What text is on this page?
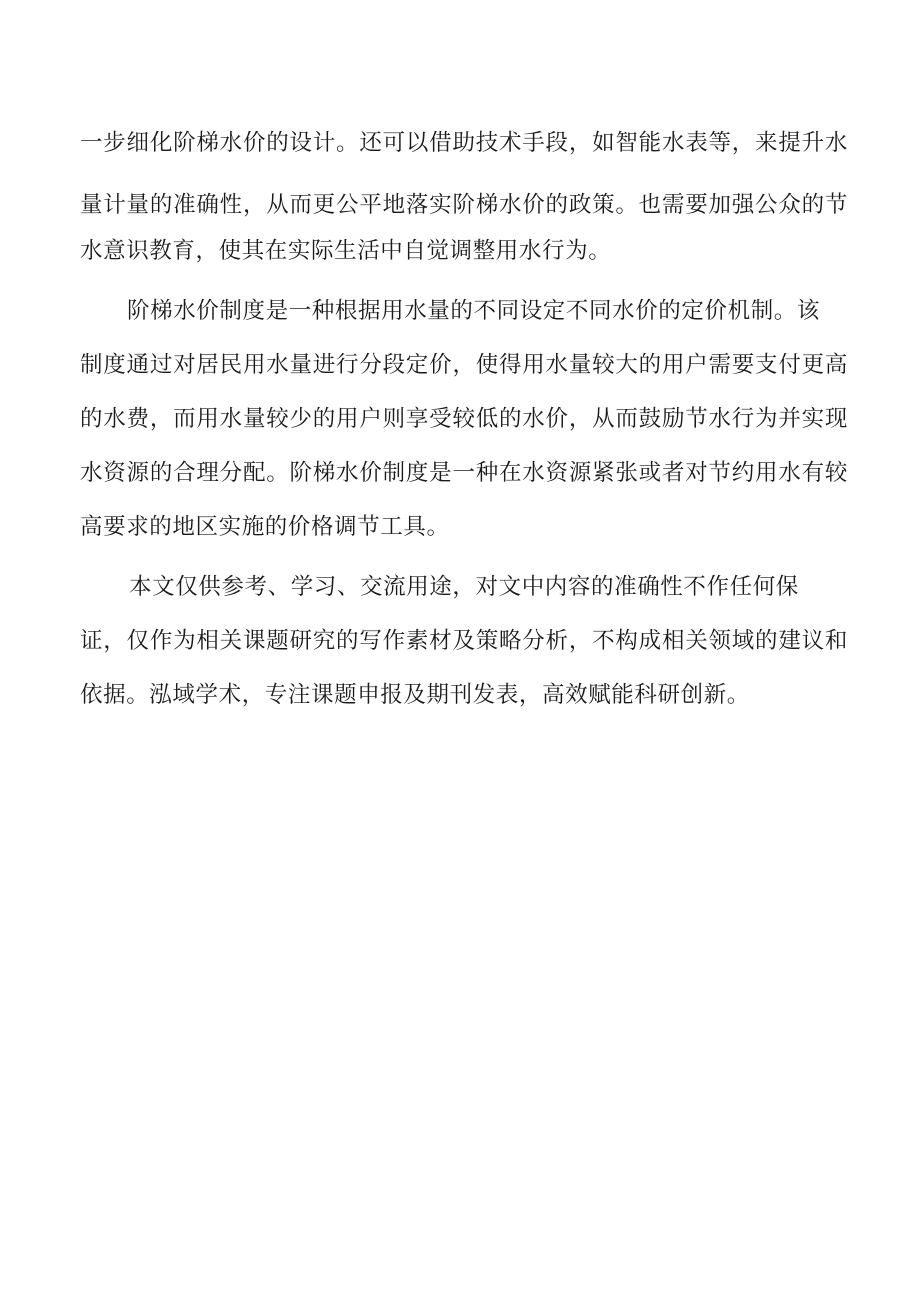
一步细化阶梯水价的设计。还可以借助技术手段，如智能水表等，来提升水

量计量的准确性，从而更公平地落实阶梯水价的政策。也需要加强公众的节

水意识教育，使其在实际生活中自觉调整用水行为。

阶梯水价制度是一种根据用水量的不同设定不同水价的定价机制。该

制度通过对居民用水量进行分段定价，使得用水量较大的用户需要支付更高

的水费，而用水量较少的用户则享受较低的水价，从而鼓励节水行为并实现

水资源的合理分配。阶梯水价制度是一种在水资源紧张或者对节约用水有较

高要求的地区实施的价格调节工具。

本文仅供参考、学习、交流用途，对文中内容的准确性不作任何保

证，仅作为相关课题研究的写作素材及策略分析，不构成相关领域的建议和

依据。泓域学术，专注课题申报及期刊发表，高效赋能科研创新。
